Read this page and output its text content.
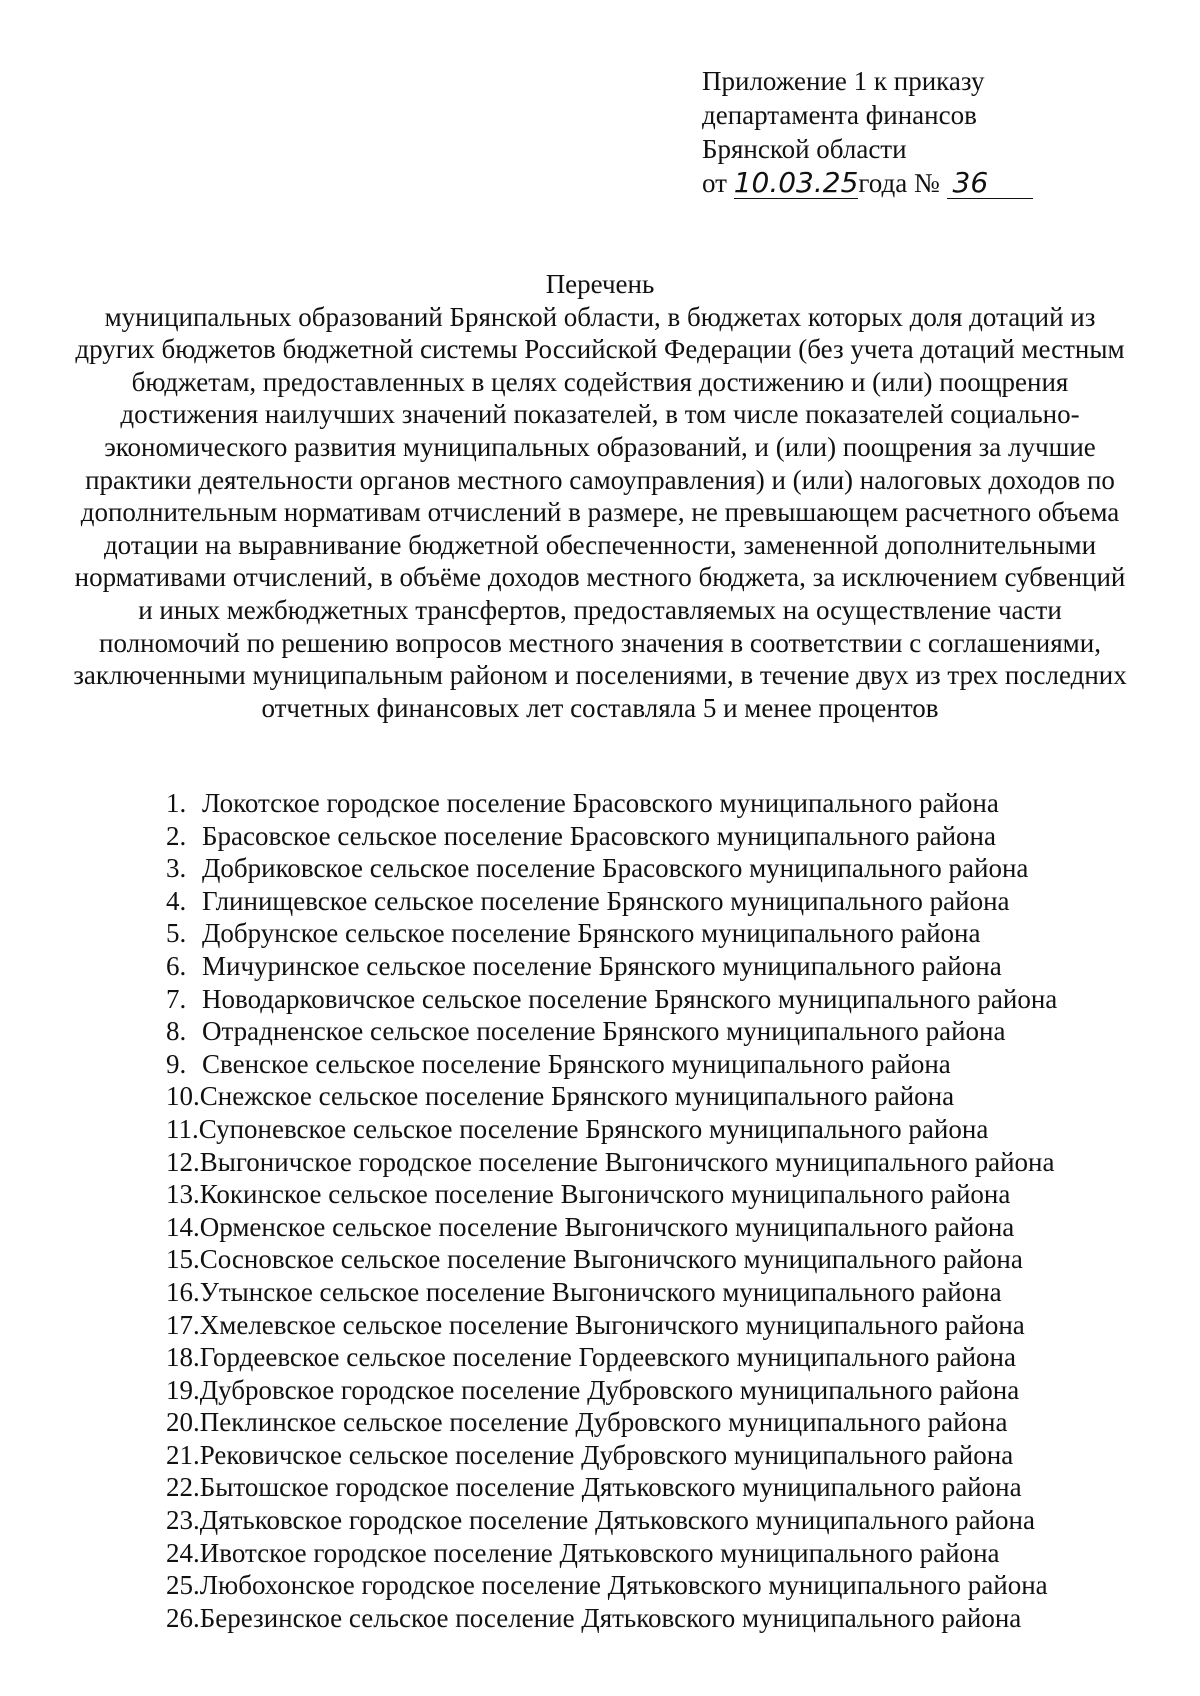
Приложение 1 к приказу
департамента финансов
Брянской области
от 10.03.25года № 36
Перечень
муниципальных образований Брянской области, в бюджетах которых доля дотаций из других бюджетов бюджетной системы Российской Федерации (без учета дотаций местным бюджетам, предоставленных в целях содействия достижению и (или) поощрения достижения наилучших значений показателей, в том числе показателей социально-экономического развития муниципальных образований, и (или) поощрения за лучшие практики деятельности органов местного самоуправления) и (или) налоговых доходов по дополнительным нормативам отчислений в размере, не превышающем расчетного объема дотации на выравнивание бюджетной обеспеченности, замененной дополнительными нормативами отчислений, в объёме доходов местного бюджета, за исключением субвенций и иных межбюджетных трансфертов, предоставляемых на осуществление части полномочий по решению вопросов местного значения в соответствии с соглашениями, заключенными муниципальным районом и поселениями, в течение двух из трех последних отчетных финансовых лет составляла 5 и менее процентов
1. Локотское городское поселение Брасовского муниципального района
2. Брасовское сельское поселение Брасовского муниципального района
3. Добриковское сельское поселение Брасовского муниципального района
4. Глинищевское сельское поселение Брянского муниципального района
5. Добрунское сельское поселение Брянского муниципального района
6. Мичуринское сельское поселение Брянского муниципального района
7. Новодарковичское сельское поселение Брянского муниципального района
8. Отрадненское сельское поселение Брянского муниципального района
9. Свенское сельское поселение Брянского муниципального района
10.Снежское сельское поселение Брянского муниципального района
11.Супоневское сельское поселение Брянского муниципального района
12.Выгоничское городское поселение Выгоничского муниципального района
13.Кокинское сельское поселение Выгоничского муниципального района
14.Орменское сельское поселение Выгоничского муниципального района
15.Сосновское сельское поселение Выгоничского муниципального района
16.Утынское сельское поселение Выгоничского муниципального района
17.Хмелевское сельское поселение Выгоничского муниципального района
18.Гордеевское сельское поселение Гордеевского муниципального района
19.Дубровское городское поселение Дубровского муниципального района
20.Пеклинское сельское поселение Дубровского муниципального района
21.Рековичское сельское поселение Дубровского муниципального района
22.Бытошское городское поселение Дятьковского муниципального района
23.Дятьковское городское поселение Дятьковского муниципального района
24.Ивотское городское поселение Дятьковского муниципального района
25.Любохонское городское поселение Дятьковского муниципального района
26.Березинское сельское поселение Дятьковского муниципального района
